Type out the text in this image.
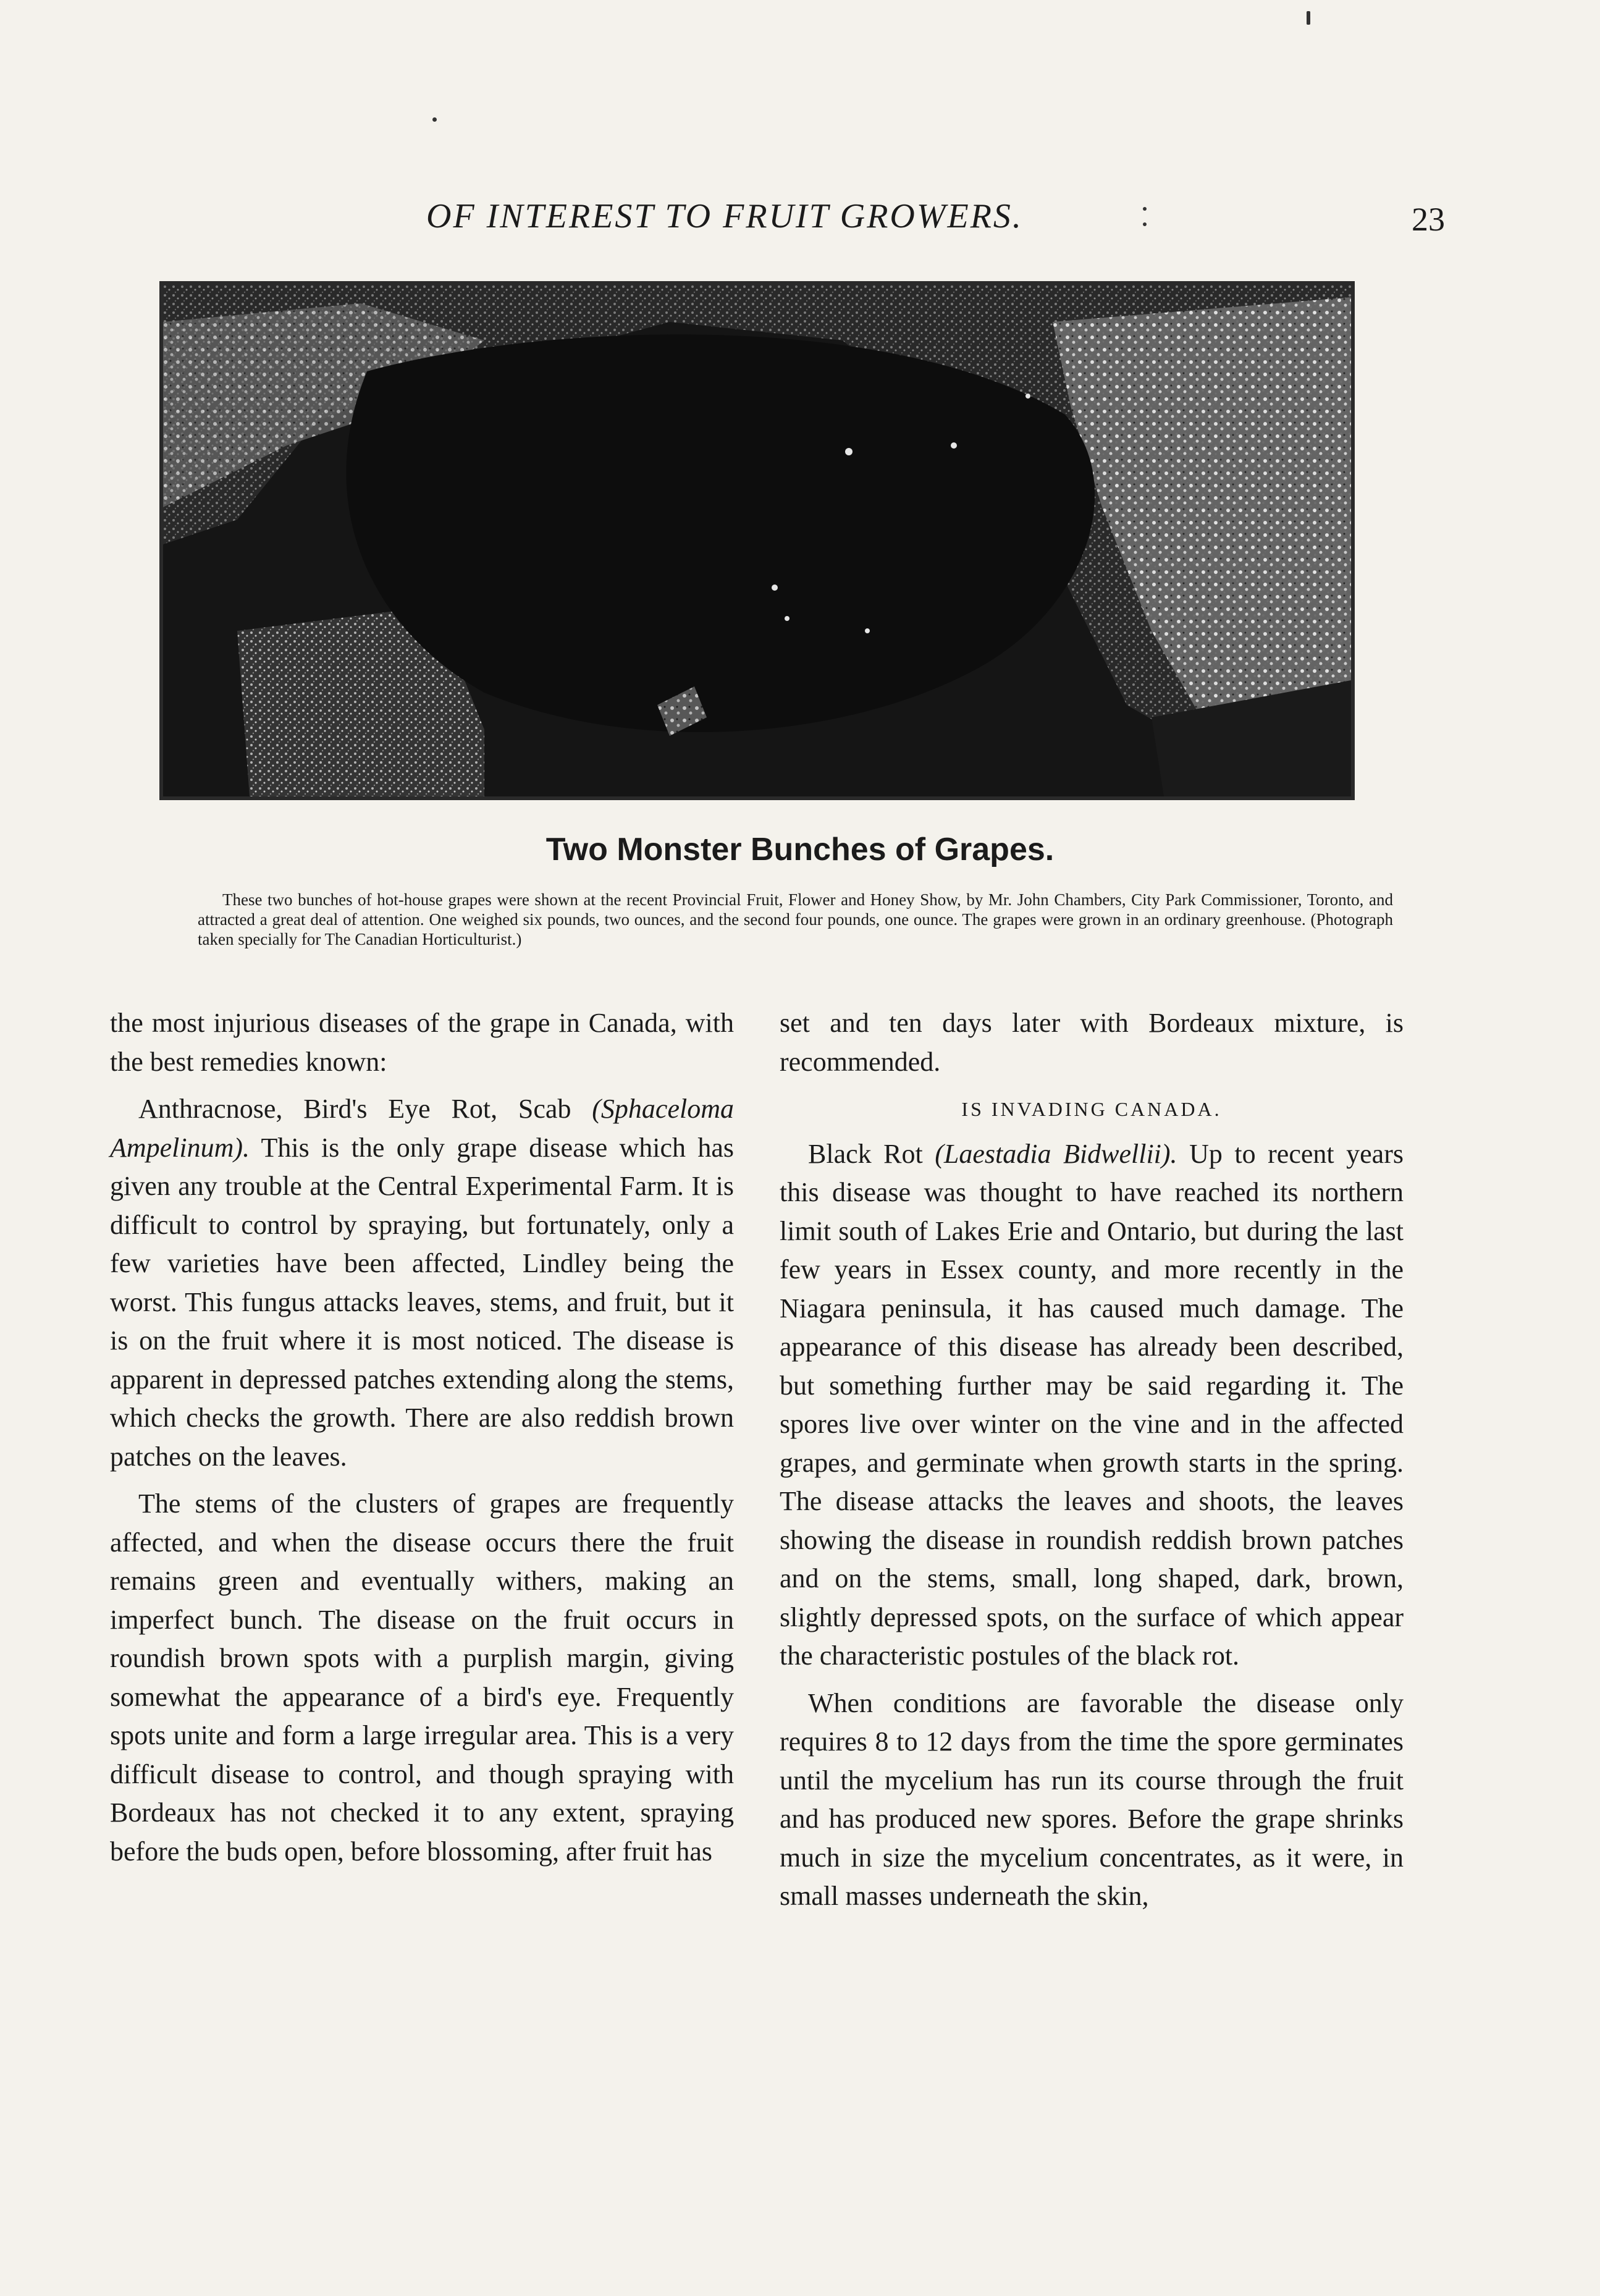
OF INTEREST TO FRUIT GROWERS.	23
Two Monster Bunches of Grapes.
These two bunches of hot-house grapes were shown at the recent Provincial Fruit, Flower and Honey Show, by Mr. John Chambers, City Park Commissioner, Toronto, and attracted a great deal of attention. One weighed six pounds, two ounces, and the second four pounds, one ounce. The grapes were grown in an ordinary greenhouse. (Photograph taken specially for The Canadian Horticulturist.)

the most injurious diseases of the grape in Canada, with the best remedies known:

Anthracnose, Bird's Eye Rot, Scab (Sphaceloma Ampelinum). This is the only grape disease which has given any trouble at the Central Experimental Farm. It is difficult to control by spraying, but fortunately, only a few varieties have been affected, Lindley being the worst. This fungus attacks leaves, stems, and fruit, but it is on the fruit where it is most noticed. The disease is apparent in depressed patches extending along the stems, which checks the growth. There are also reddish brown patches on the leaves.

The stems of the clusters of grapes are frequently affected, and when the disease occurs there the fruit remains green and eventually withers, making an imperfect bunch. The disease on the fruit occurs in roundish brown spots with a purplish margin, giving somewhat the appearance of a bird's eye. Frequently spots unite and form a large irregular area. This is a very difficult disease to control, and though spraying with Bordeaux has not checked it to any extent, spraying before the buds open, before blossoming, after fruit has

set and ten days later with Bordeaux mixture, is recommended.

IS INVADING CANADA.

Black Rot (Laestadia Bidwellii). Up to recent years this disease was thought to have reached its northern limit south of Lakes Erie and Ontario, but during the last few years in Essex county, and more recently in the Niagara peninsula, it has caused much damage. The appearance of this disease has already been described, but something further may be said regarding it. The spores live over winter on the vine and in the affected grapes, and germinate when growth starts in the spring. The disease attacks the leaves and shoots, the leaves showing the disease in roundish reddish brown patches and on the stems, small, long shaped, dark, brown, slightly depressed spots, on the surface of which appear the characteristic postules of the black rot.

When conditions are favorable the disease only requires 8 to 12 days from the time the spore germinates until the mycelium has run its course through the fruit and has produced new spores. Before the grape shrinks much in size the mycelium concentrates, as it were, in small masses underneath the skin,
